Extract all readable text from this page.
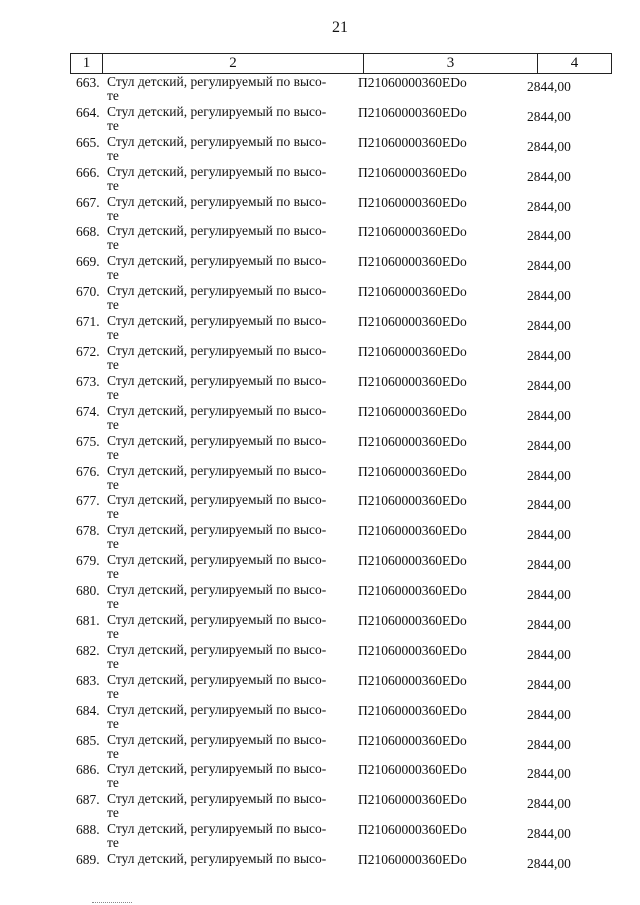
21
1	2	3	4
663. Стул детский, регулируемый по высо-
те
П21060000360EDo	2844,00
664. Стул детский, регулируемый по высо-
те
П21060000360EDo	2844,00
665. Стул детский, регулируемый по высо-
те
П21060000360EDo	2844,00
666. Стул детский, регулируемый по высо-
те
П21060000360EDo	2844,00
667. Стул детский, регулируемый по высо-
те
П21060000360EDo	2844,00
668. Стул детский, регулируемый по высо-
те
П21060000360EDo	2844,00
669. Стул детский, регулируемый по высо-
те
П21060000360EDo	2844,00
670. Стул детский, регулируемый по высо-
те
П21060000360EDo	2844,00
671. Стул детский, регулируемый по высо-
те
П21060000360EDo	2844,00
672. Стул детский, регулируемый по высо-
те
П21060000360EDo	2844,00
673. Стул детский, регулируемый по высо-
те
П21060000360EDo	2844,00
674. Стул детский, регулируемый по высо-
те
П21060000360EDo	2844,00
675. Стул детский, регулируемый по высо-
те
П21060000360EDo	2844,00
676. Стул детский, регулируемый по высо-
те
П21060000360EDo	2844,00
677. Стул детский, регулируемый по высо-
те
П21060000360EDo	2844,00
678. Стул детский, регулируемый по высо-
те
П21060000360EDo	2844,00
679. Стул детский, регулируемый по высо-
те
П21060000360EDo	2844,00
680. Стул детский, регулируемый по высо-
те
П21060000360EDo	2844,00
681. Стул детский, регулируемый по высо-
те
П21060000360EDo	2844,00
682. Стул детский, регулируемый по высо-
те
П21060000360EDo	2844,00
683. Стул детский, регулируемый по высо-
те
П21060000360EDo	2844,00
684. Стул детский, регулируемый по высо-
те
П21060000360EDo	2844,00
685. Стул детский, регулируемый по высо-
те
П21060000360EDo	2844,00
686. Стул детский, регулируемый по высо-
те
П21060000360EDo	2844,00
687. Стул детский, регулируемый по высо-
те
П21060000360EDo	2844,00
688. Стул детский, регулируемый по высо-
те
П21060000360EDo	2844,00
689. Стул детский, регулируемый по высо-	П21060000360EDo	2844,00
